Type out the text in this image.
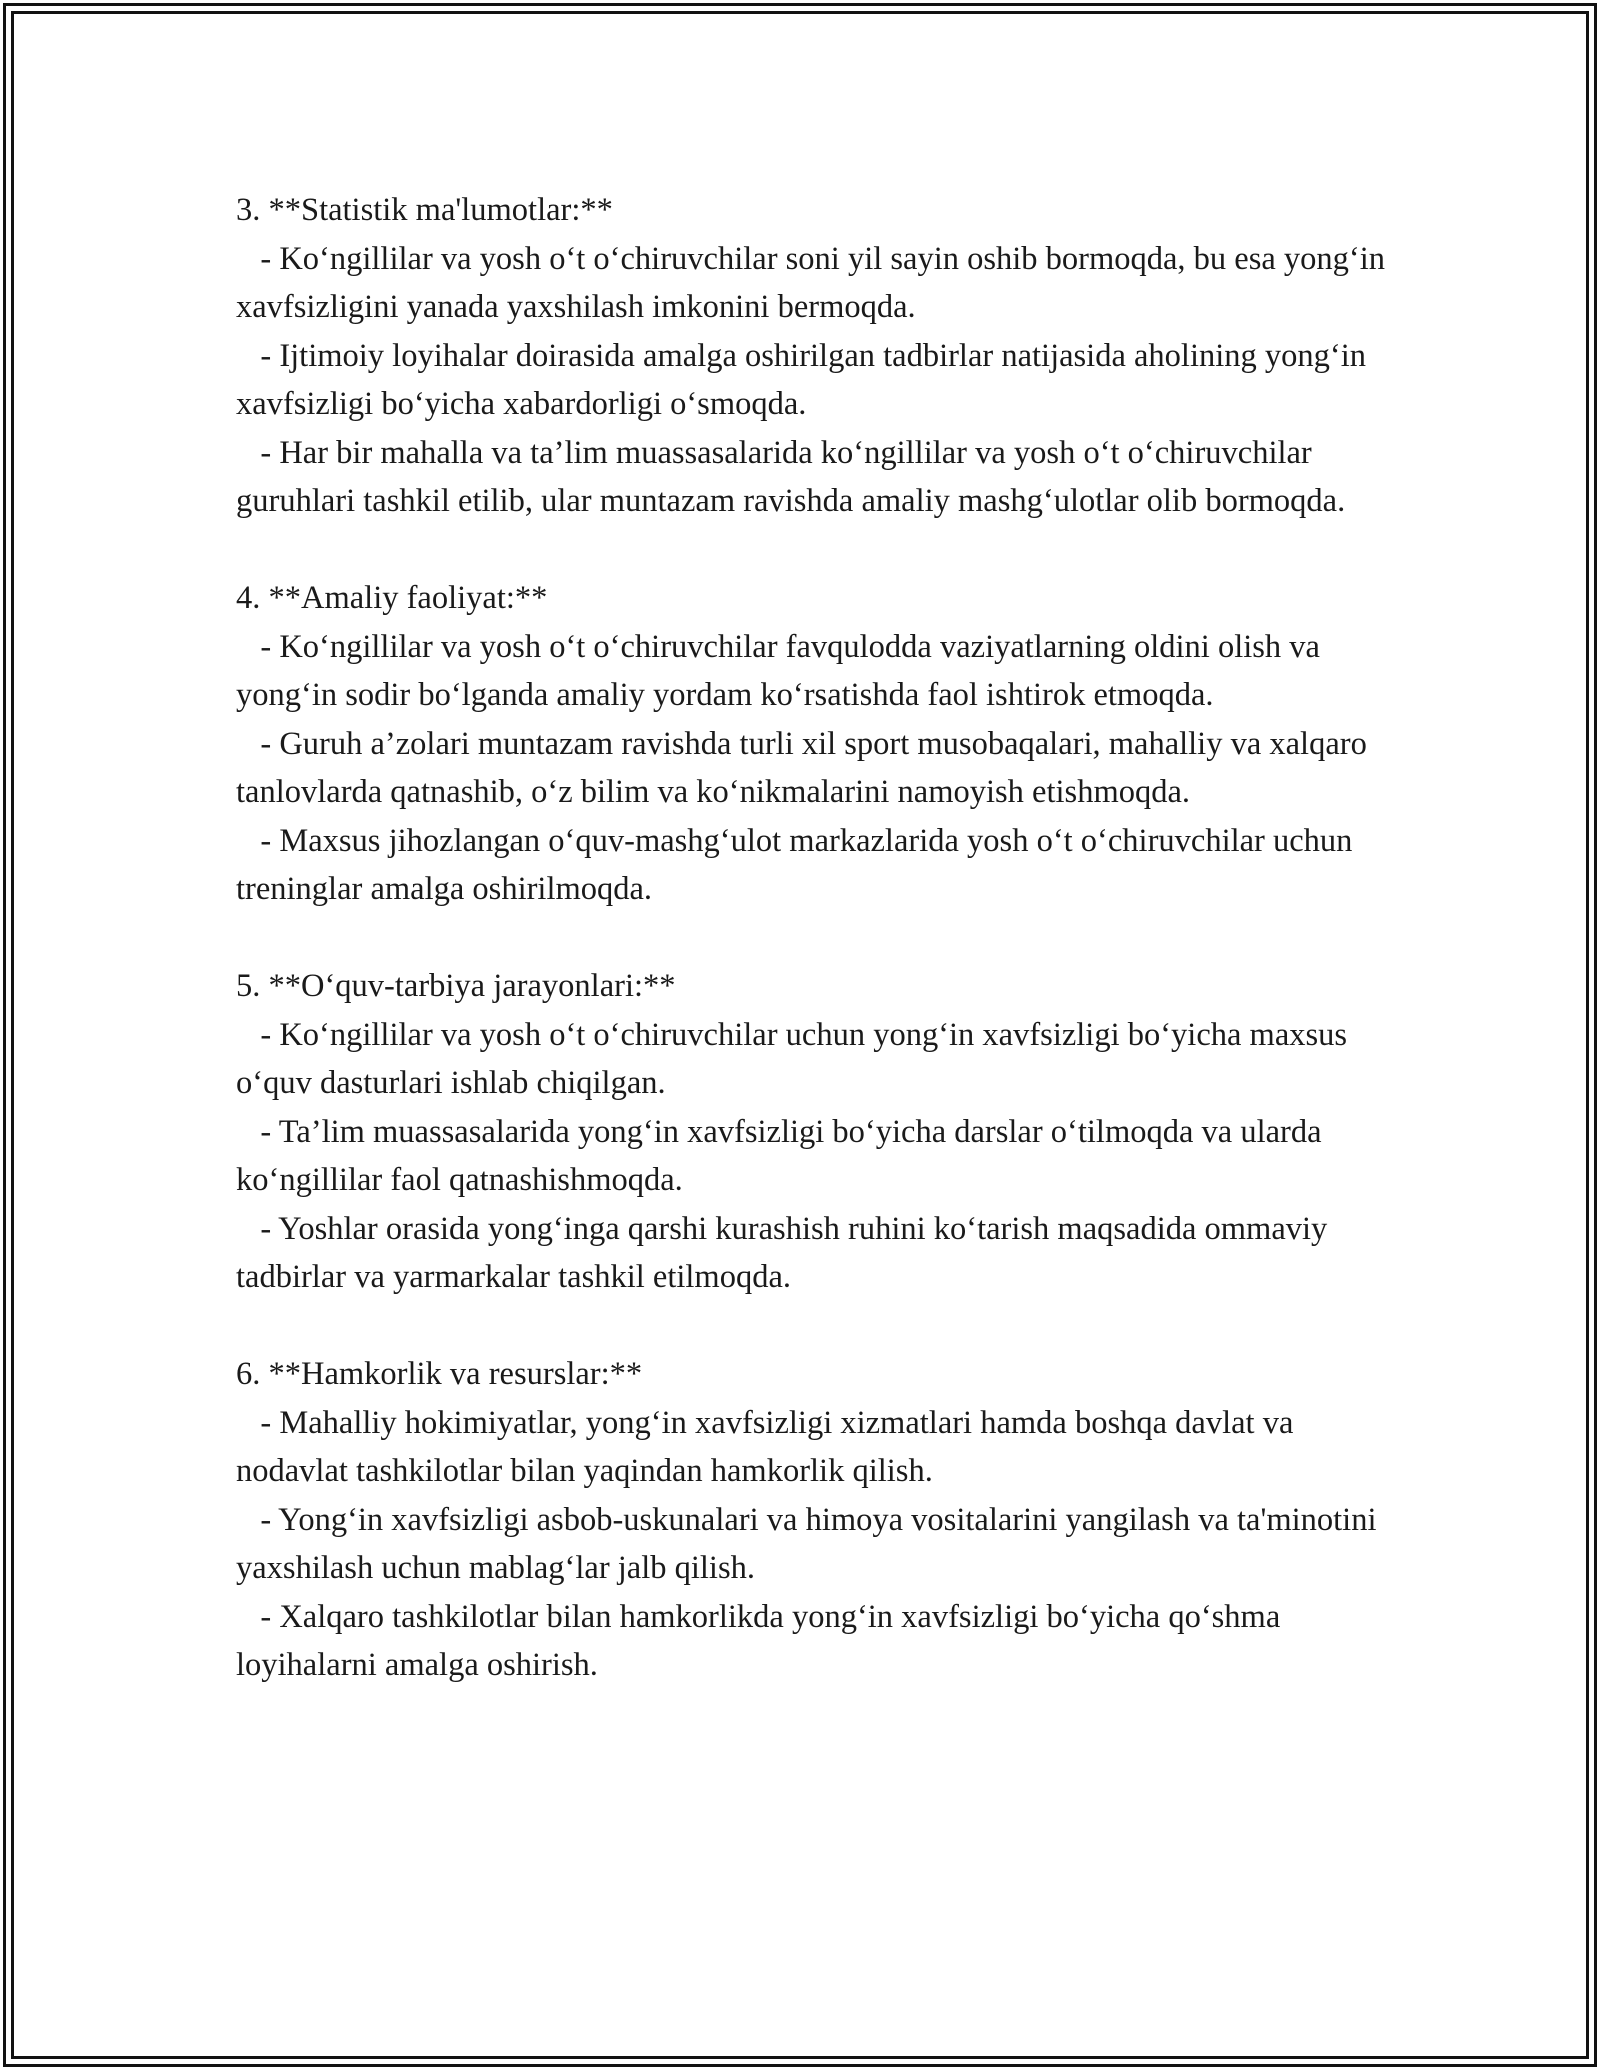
3. **Statistik ma'lumotlar:**

- Ko‘ngillilar va yosh o‘t o‘chiruvchilar soni yil sayin oshib bormoqda, bu esa yong‘in xavfsizligini yanada yaxshilash imkonini bermoqda.

- Ijtimoiy loyihalar doirasida amalga oshirilgan tadbirlar natijasida aholining yong‘in xavfsizligi bo‘yicha xabardorligi o‘smoqda.

- Har bir mahalla va ta’lim muassasalarida ko‘ngillilar va yosh o‘t o‘chiruvchilar guruhlari tashkil etilib, ular muntazam ravishda amaliy mashg‘ulotlar olib bormoqda.

4. **Amaliy faoliyat:**

- Ko‘ngillilar va yosh o‘t o‘chiruvchilar favqulodda vaziyatlarning oldini olish va yong‘in sodir bo‘lganda amaliy yordam ko‘rsatishda faol ishtirok etmoqda.

- Guruh a’zolari muntazam ravishda turli xil sport musobaqalari, mahalliy va xalqaro tanlovlarda qatnashib, o‘z bilim va ko‘nikmalarini namoyish etishmoqda.

- Maxsus jihozlangan o‘quv-mashg‘ulot markazlarida yosh o‘t o‘chiruvchilar uchun treninglar amalga oshirilmoqda.

5. **O‘quv-tarbiya jarayonlari:**

- Ko‘ngillilar va yosh o‘t o‘chiruvchilar uchun yong‘in xavfsizligi bo‘yicha maxsus o‘quv dasturlari ishlab chiqilgan.

- Ta’lim muassasalarida yong‘in xavfsizligi bo‘yicha darslar o‘tilmoqda va ularda ko‘ngillilar faol qatnashishmoqda.

- Yoshlar orasida yong‘inga qarshi kurashish ruhini ko‘tarish maqsadida ommaviy tadbirlar va yarmarkalar tashkil etilmoqda.

6. **Hamkorlik va resurslar:**

- Mahalliy hokimiyatlar, yong‘in xavfsizligi xizmatlari hamda boshqa davlat va nodavlat tashkilotlar bilan yaqindan hamkorlik qilish.

- Yong‘in xavfsizligi asbob-uskunalari va himoya vositalarini yangilash va ta'minotini yaxshilash uchun mablag‘lar jalb qilish.

- Xalqaro tashkilotlar bilan hamkorlikda yong‘in xavfsizligi bo‘yicha qo‘shma loyihalarni amalga oshirish.
